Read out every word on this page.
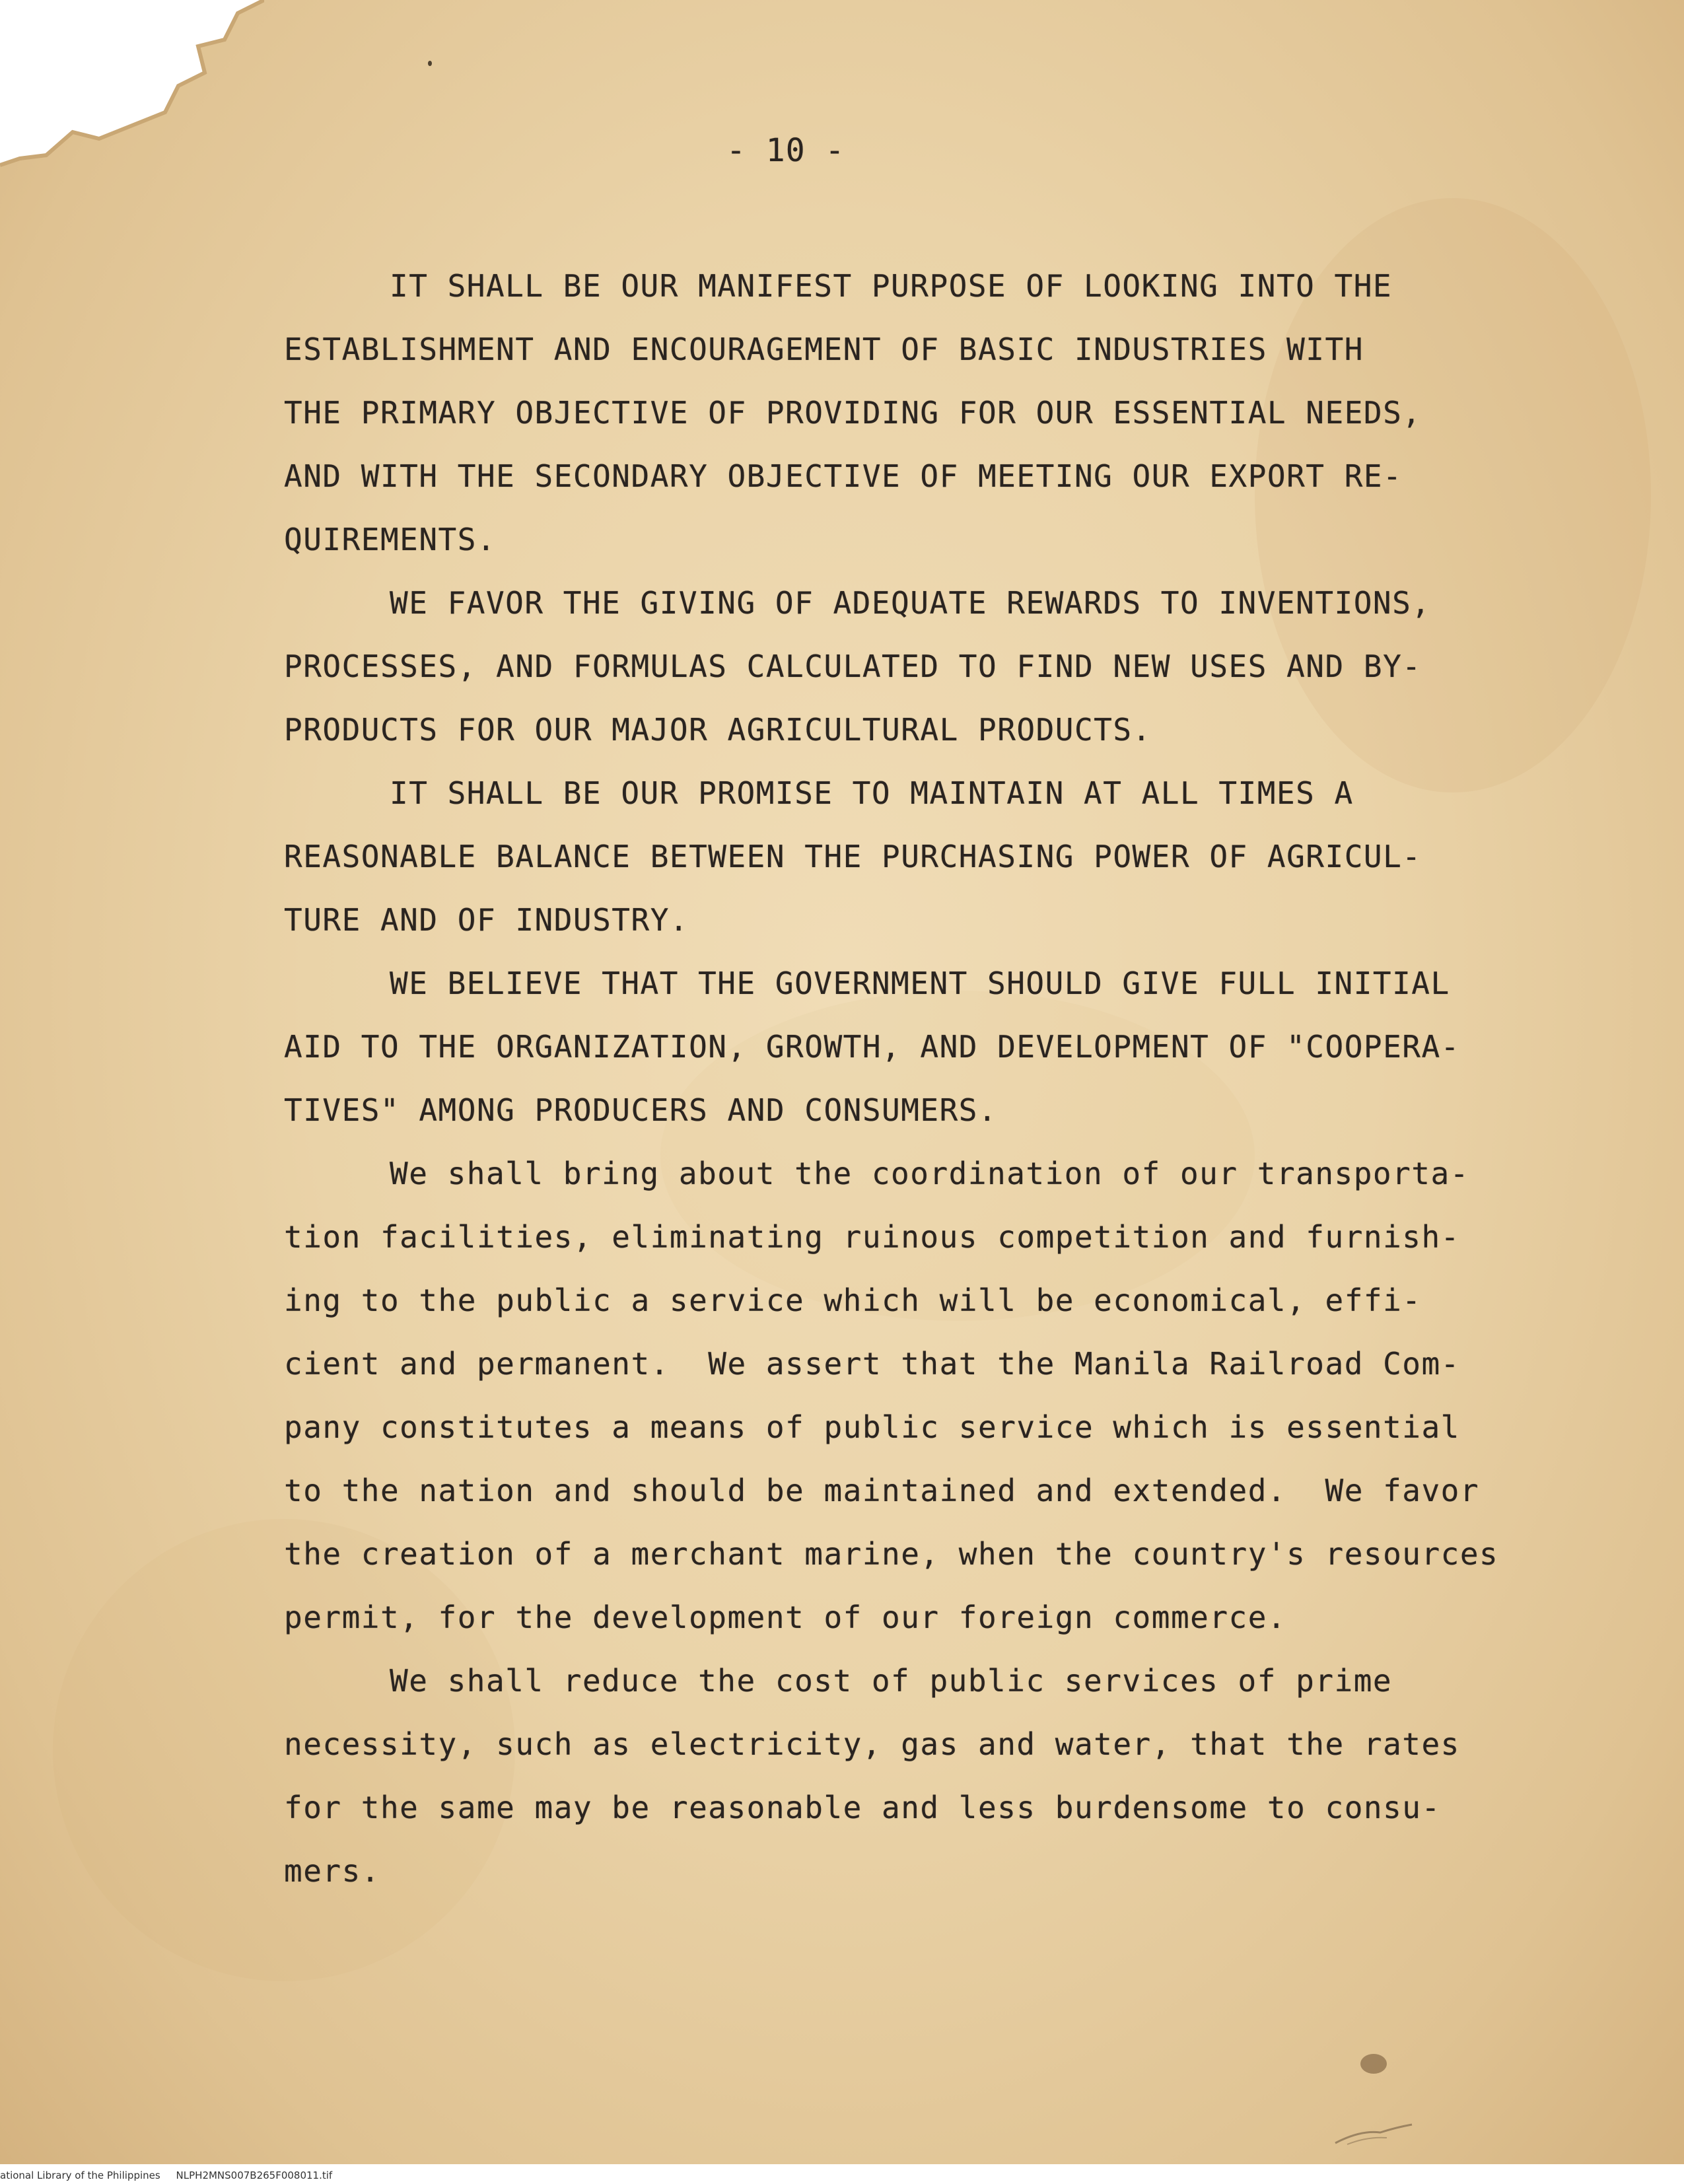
- 10 -
IT SHALL BE OUR MANIFEST PURPOSE OF LOOKING INTO THE
ESTABLISHMENT AND ENCOURAGEMENT OF BASIC INDUSTRIES WITH
THE PRIMARY OBJECTIVE OF PROVIDING FOR OUR ESSENTIAL NEEDS,
AND WITH THE SECONDARY OBJECTIVE OF MEETING OUR EXPORT RE-
QUIREMENTS.
WE FAVOR THE GIVING OF ADEQUATE REWARDS TO INVENTIONS,
PROCESSES, AND FORMULAS CALCULATED TO FIND NEW USES AND BY-
PRODUCTS FOR OUR MAJOR AGRICULTURAL PRODUCTS.
IT SHALL BE OUR PROMISE TO MAINTAIN AT ALL TIMES A
REASONABLE BALANCE BETWEEN THE PURCHASING POWER OF AGRICUL-
TURE AND OF INDUSTRY.
WE BELIEVE THAT THE GOVERNMENT SHOULD GIVE FULL INITIAL
AID TO THE ORGANIZATION, GROWTH, AND DEVELOPMENT OF "COOPERA-
TIVES" AMONG PRODUCERS AND CONSUMERS.
We shall bring about the coordination of our transporta-
tion facilities, eliminating ruinous competition and furnish-
ing to the public a service which will be economical, effi-
cient and permanent.  We assert that the Manila Railroad Com-
pany constitutes a means of public service which is essential
to the nation and should be maintained and extended.  We favor
the creation of a merchant marine, when the country's resources
permit, for the development of our foreign commerce.
We shall reduce the cost of public services of prime
necessity, such as electricity, gas and water, that the rates
for the same may be reasonable and less burdensome to consu-
mers.
ational Library of the Philippines     NLPH2MNS007B265F008011.tif
